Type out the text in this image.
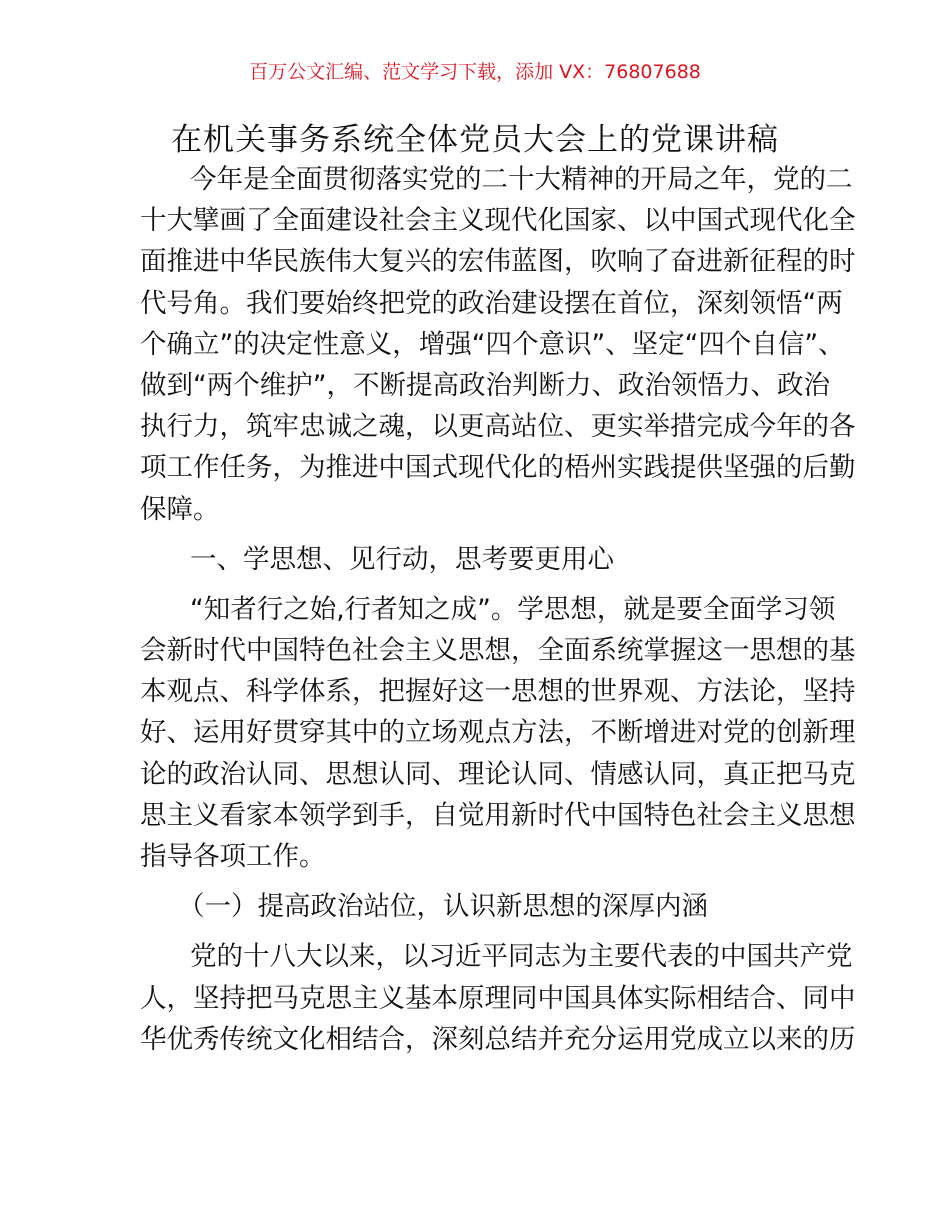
百万公文汇编、范文学习下载，添加 VX：76807688
在机关事务系统全体党员大会上的党课讲稿
今年是全面贯彻落实党的二十大精神的开局之年，党的二
十大擘画了全面建设社会主义现代化国家、以中国式现代化全
面推进中华民族伟大复兴的宏伟蓝图，吹响了奋进新征程的时
代号角。我们要始终把党的政治建设摆在首位，深刻领悟“两
个确立”的决定性意义，增强“四个意识”、坚定“四个自信”、
做到“两个维护”，不断提高政治判断力、政治领悟力、政治
执行力，筑牢忠诚之魂，以更高站位、更实举措完成今年的各
项工作任务，为推进中国式现代化的梧州实践提供坚强的后勤
保障。
一、学思想、见行动，思考要更用心
“知者行之始,行者知之成”。学思想，就是要全面学习领
会新时代中国特色社会主义思想，全面系统掌握这一思想的基
本观点、科学体系，把握好这一思想的世界观、方法论，坚持
好、运用好贯穿其中的立场观点方法，不断增进对党的创新理
论的政治认同、思想认同、理论认同、情感认同，真正把马克
思主义看家本领学到手，自觉用新时代中国特色社会主义思想
指导各项工作。
（一）提高政治站位，认识新思想的深厚内涵
党的十八大以来，以习近平同志为主要代表的中国共产党
人，坚持把马克思主义基本原理同中国具体实际相结合、同中
华优秀传统文化相结合，深刻总结并充分运用党成立以来的历
